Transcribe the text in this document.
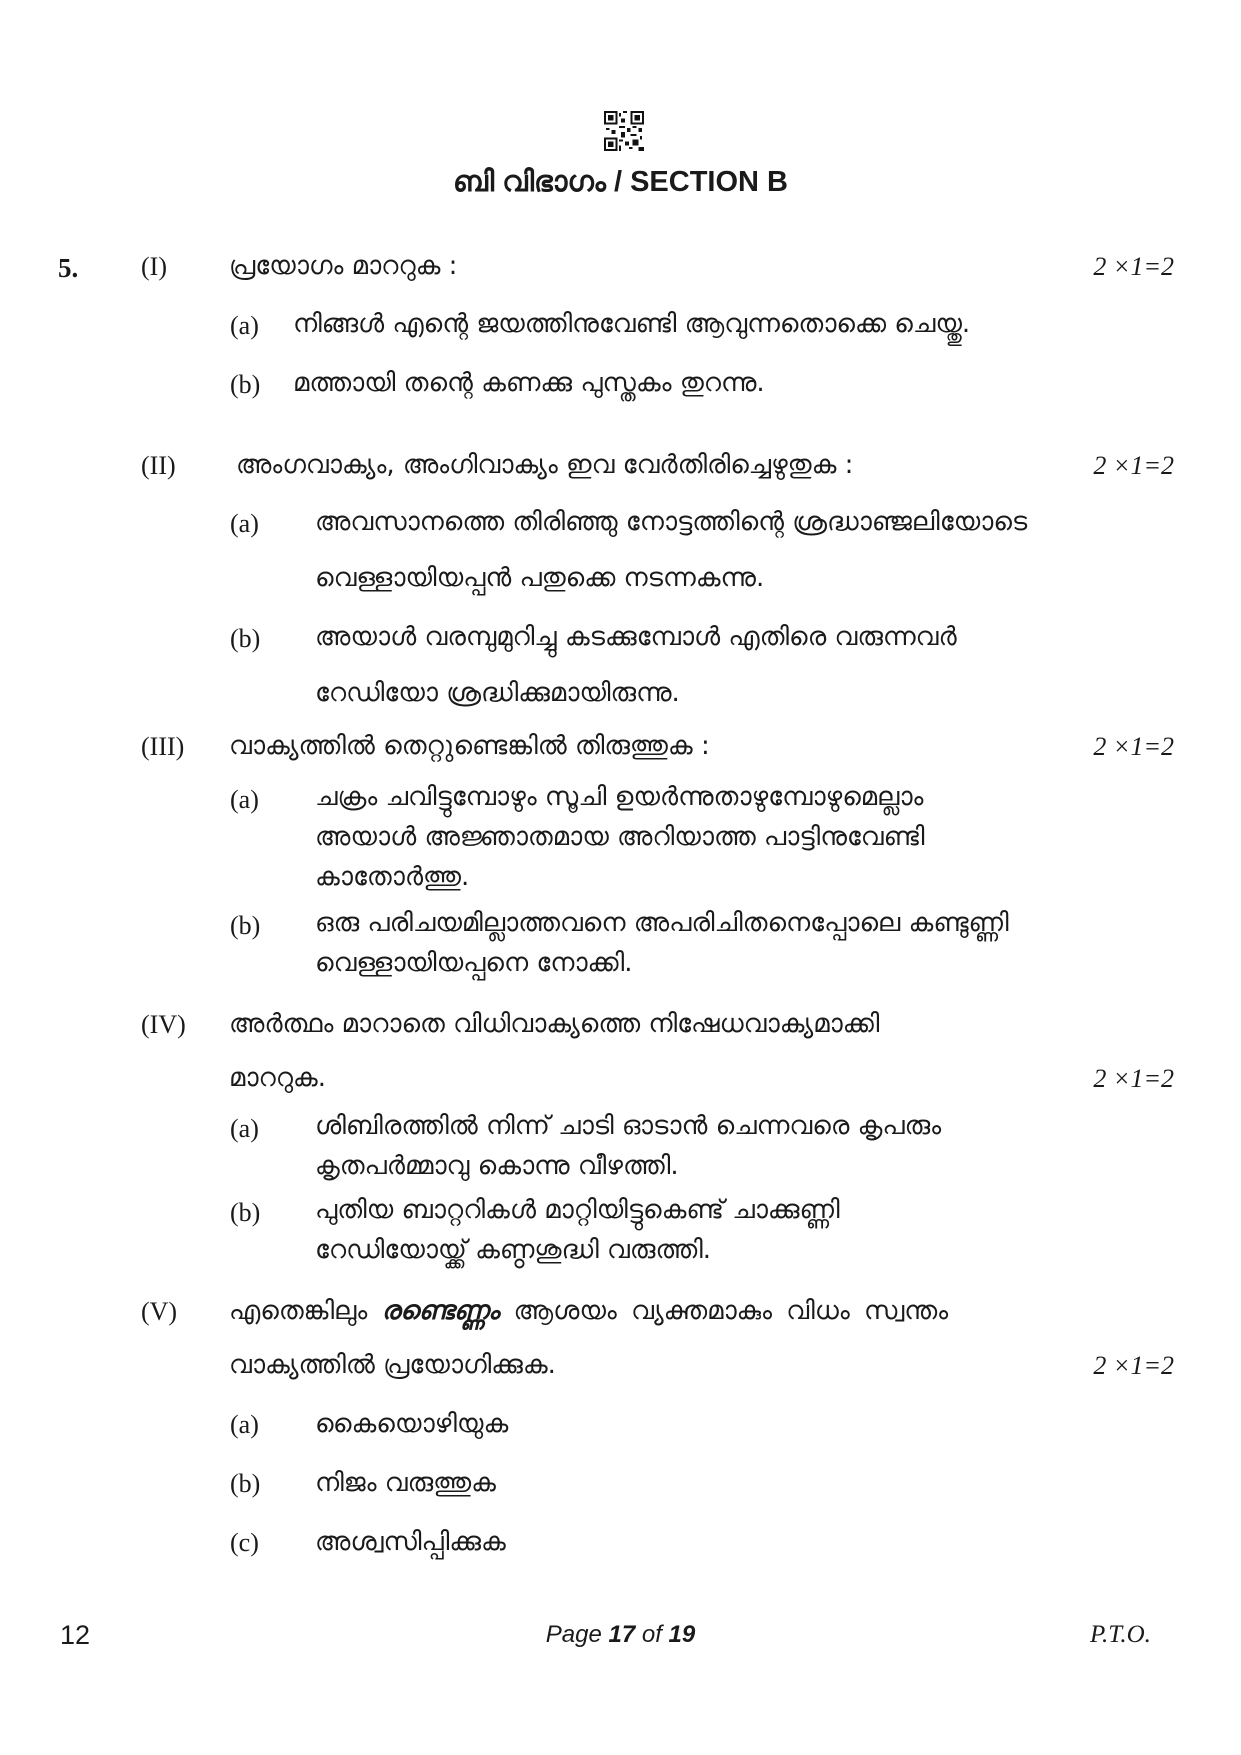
ബി വിഭാഗം / SECTION B
5. (I) പ്രയോഗം മാററുക :	2 ×1=2
(a) നിങ്ങൾ എന്റെ ജയത്തിനുവേണ്ടി ആവുന്നതൊക്കെ ചെയ്തു.
(b) മത്തായി തന്റെ കണക്കു പുസ്തകം തുറന്നു.
(II) അംഗവാക്യം, അംഗിവാക്യം ഇവ വേർതിരിച്ചെഴുതുക :	2 ×1=2
(a) അവസാനത്തെ തിരിഞ്ഞു നോട്ടത്തിന്റെ ശ്രദ്ധാഞ്ജലിയോടെ
വെള്ളായിയപ്പൻ പതുക്കെ നടന്നകന്നു.
(b) അയാൾ വരമ്പുമുറിച്ചു കടക്കുമ്പോൾ എതിരെ വരുന്നവർ
റേഡിയോ ശ്രദ്ധിക്കുമായിരുന്നു.
(III) വാക്യത്തിൽ തെറ്റുണ്ടെങ്കിൽ തിരുത്തുക :	2 ×1=2
(a) ചക്രം ചവിട്ടുമ്പോഴും സൂചി ഉയർന്നുതാഴുമ്പോഴുമെല്ലാം
അയാൾ അജ്ഞാതമായ അറിയാത്ത പാട്ടിനുവേണ്ടി
കാതോർത്തു.
(b) ഒരു പരിചയമില്ലാത്തവനെ അപരിചിതനെപ്പോലെ കണ്ടുണ്ണി
വെള്ളായിയപ്പനെ നോക്കി.
(IV) അർത്ഥം മാറാതെ വിധിവാക്യത്തെ നിഷേധവാക്യമാക്കി
മാററുക.	2 ×1=2
(a) ശിബിരത്തിൽ നിന്ന് ചാടി ഓടാൻ ചെന്നവരെ കൃപരും
കൃതപർമ്മാവു കൊന്നു വീഴത്തി.
(b) പുതിയ ബാറ്ററികൾ മാറ്റിയിട്ടുകെണ്ട് ചാക്കുണ്ണി
റേഡിയോയ്ക്ക് കണ്ഠശുദ്ധി വരുത്തി.
(V) എതെങ്കിലും രണ്ടെണ്ണം ആശയം വ്യക്തമാകും വിധം സ്വന്തം
വാക്യത്തിൽ പ്രയോഗിക്കുക.	2 ×1=2
(a) കൈയൊഴിയുക
(b) നിജം വരുത്തുക
(c) അശ്വസിപ്പിക്കുക
12	Page 17 of 19	P.T.O.
